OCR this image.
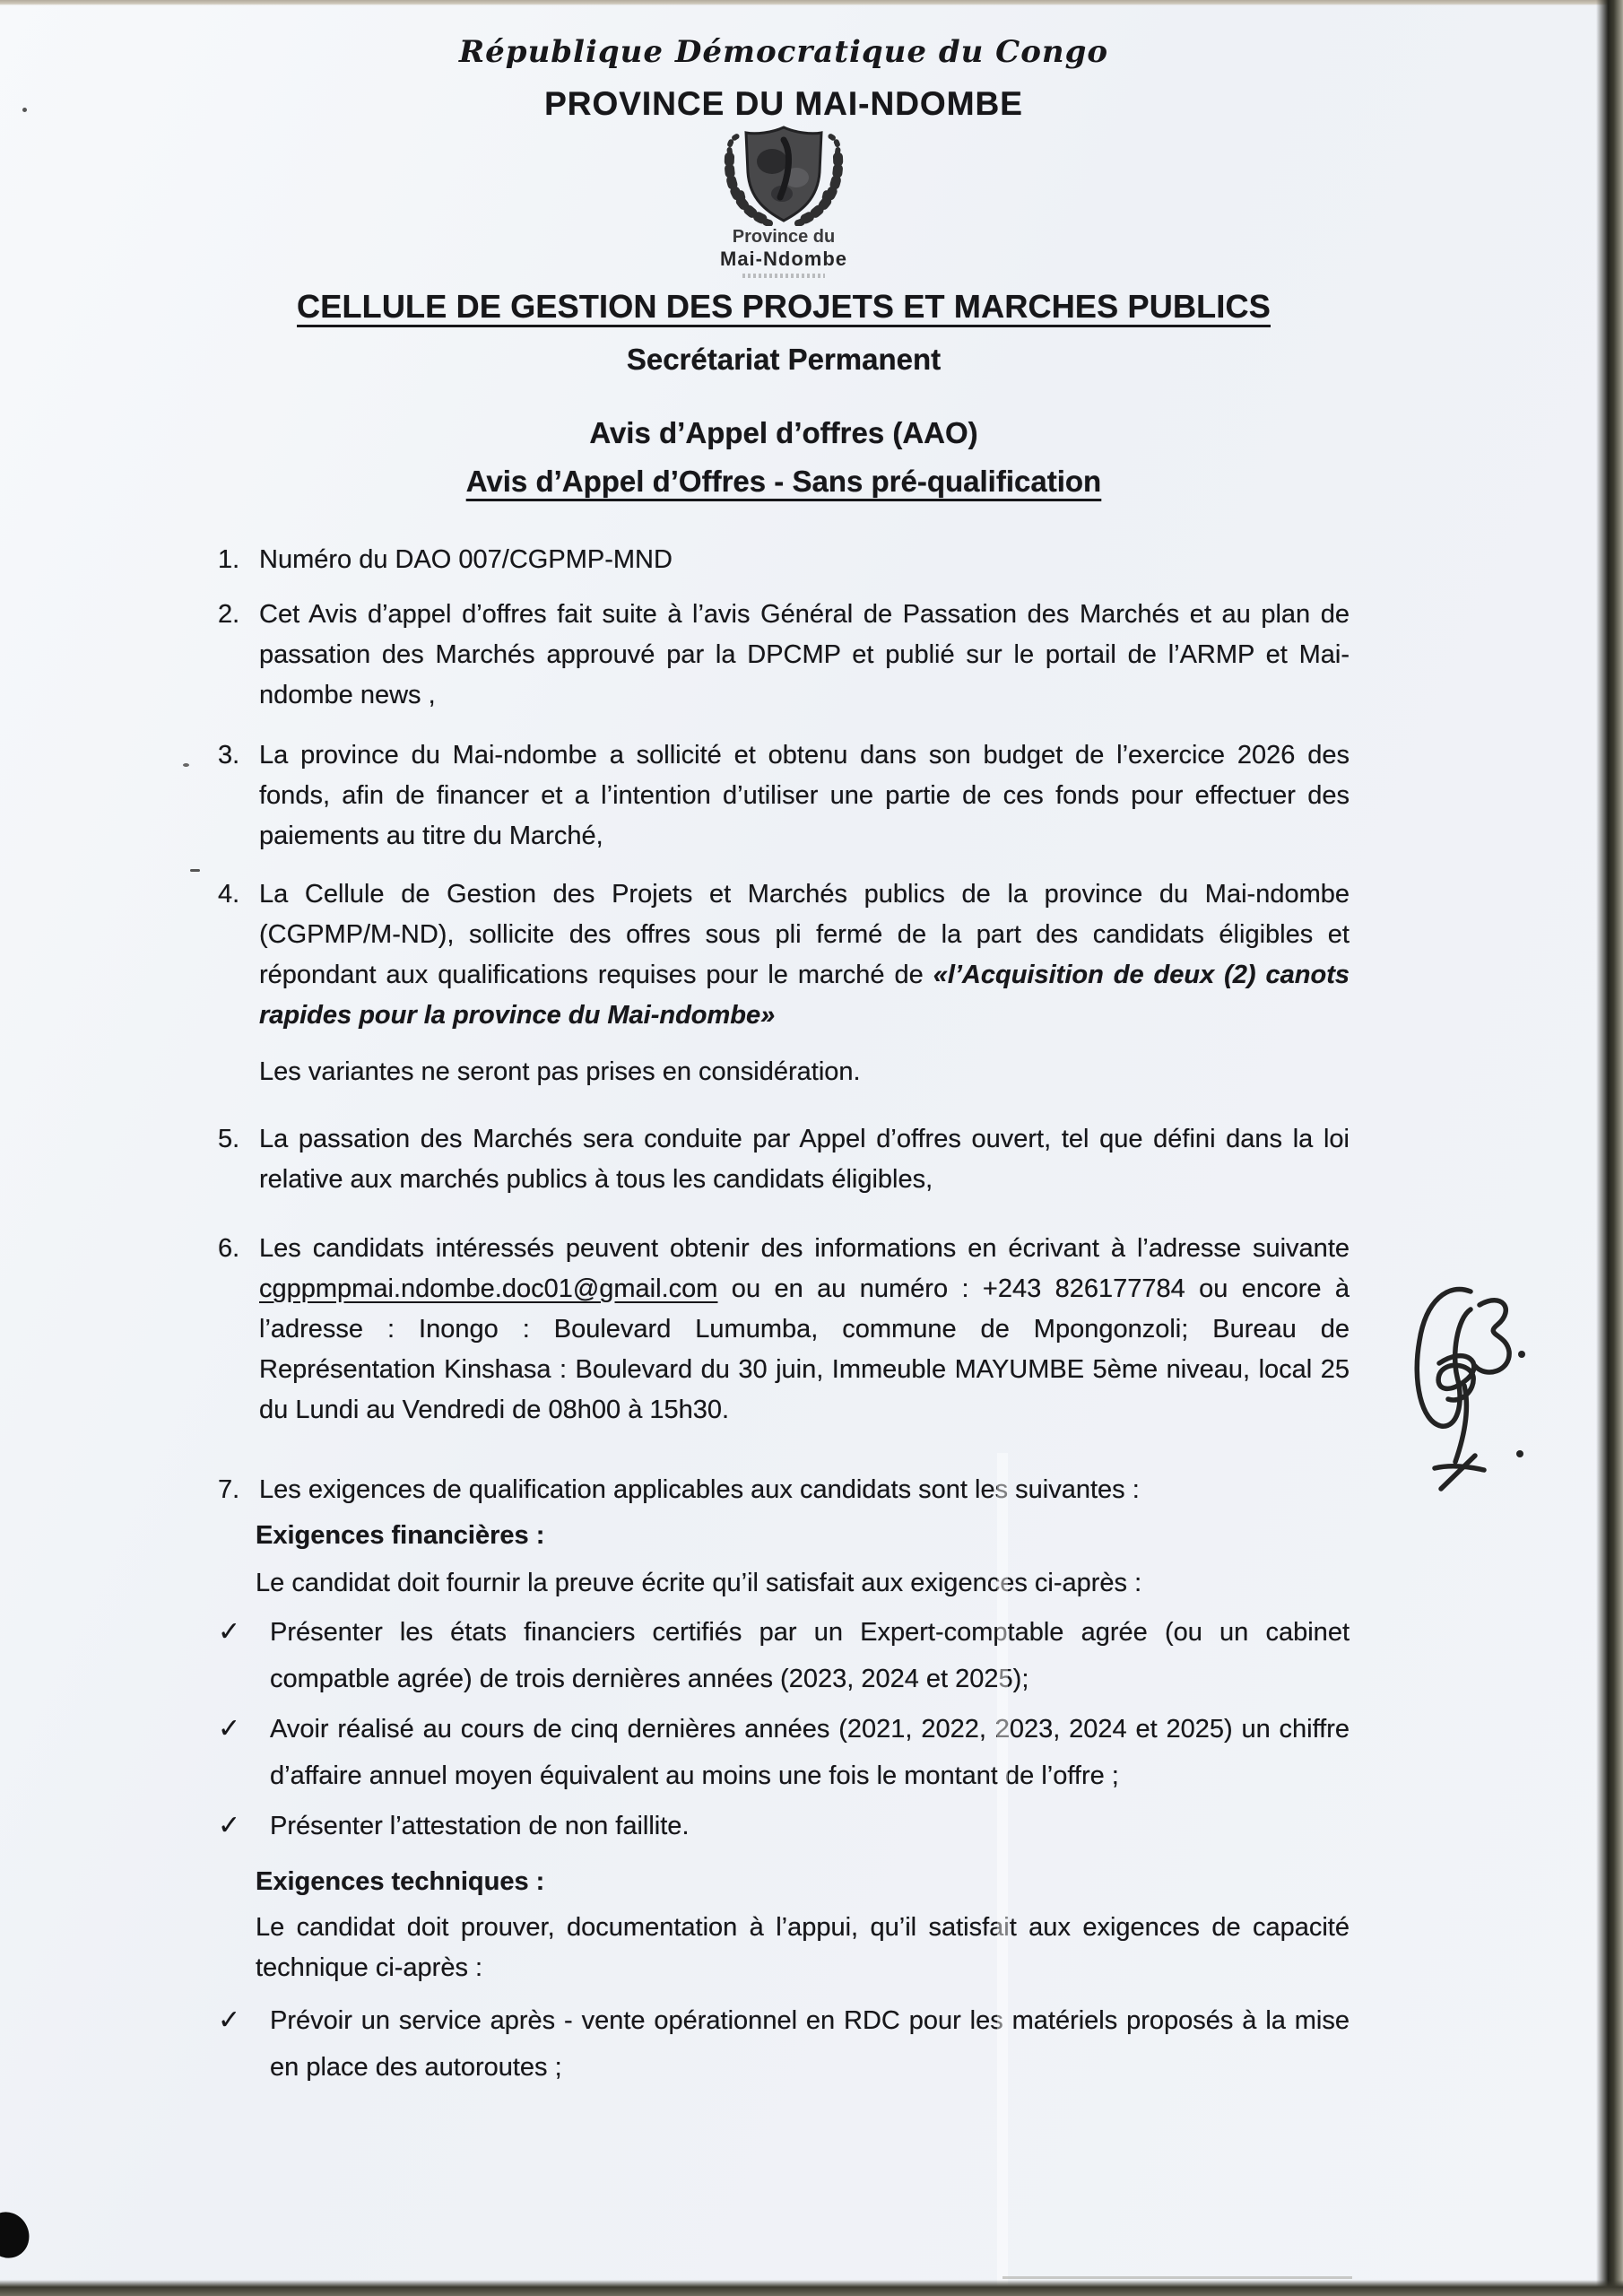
République Démocratique du Congo
PROVINCE DU MAI-NDOMBE
Province du
Mai-Ndombe
CELLULE DE GESTION DES PROJETS ET MARCHES PUBLICS
Secrétariat Permanent
Avis d’Appel d’offres (AAO)
Avis d’Appel d’Offres - Sans pré-qualification
1. Numéro du DAO 007/CGPMP-MND
2. Cet Avis d’appel d’offres fait suite à l’avis Général de Passation des Marchés et au plan de passation des Marchés approuvé par la DPCMP et publié sur le portail de l’ARMP et Mai-ndombe news ,
3. La province du Mai-ndombe a sollicité et obtenu dans son budget de l’exercice 2026 des fonds, afin de financer et a l’intention d’utiliser une partie de ces fonds pour effectuer des paiements au titre du Marché,
4. La Cellule de Gestion des Projets et Marchés publics de la province du Mai-ndombe (CGPMP/M-ND), sollicite des offres sous pli fermé de la part des candidats éligibles et répondant aux qualifications requises pour le marché de «l’Acquisition de deux (2) canots rapides pour la province du Mai-ndombe»
Les variantes ne seront pas prises en considération.
5. La passation des Marchés sera conduite par Appel d’offres ouvert, tel que défini dans la loi relative aux marchés publics à tous les candidats éligibles,
6. Les candidats intéressés peuvent obtenir des informations en écrivant à l’adresse suivante cgppmpmai.ndombe.doc01@gmail.com ou en au numéro : +243 826177784 ou encore à l’adresse : Inongo : Boulevard Lumumba, commune de Mpongonzoli; Bureau de Représentation Kinshasa : Boulevard du 30 juin, Immeuble MAYUMBE 5ème niveau, local 25 du Lundi au Vendredi de 08h00 à 15h30.
7. Les exigences de qualification applicables aux candidats sont les suivantes :
Exigences financières :
Le candidat doit fournir la preuve écrite qu’il satisfait aux exigences ci-après :
✓	Présenter les états financiers certifiés par un Expert-comptable agrée (ou un cabinet compatble agrée) de trois dernières années (2023, 2024 et 2025);
✓	Avoir réalisé au cours de cinq dernières années (2021, 2022, 2023, 2024 et 2025) un chiffre d’affaire annuel moyen équivalent au moins une fois le montant de l’offre ;
✓	Présenter l’attestation de non faillite.
Exigences techniques :
Le candidat doit prouver, documentation à l’appui, qu’il satisfait aux exigences de capacité technique ci-après :
✓	Prévoir un service après - vente opérationnel en RDC pour les matériels proposés à la mise en place des autoroutes ;
